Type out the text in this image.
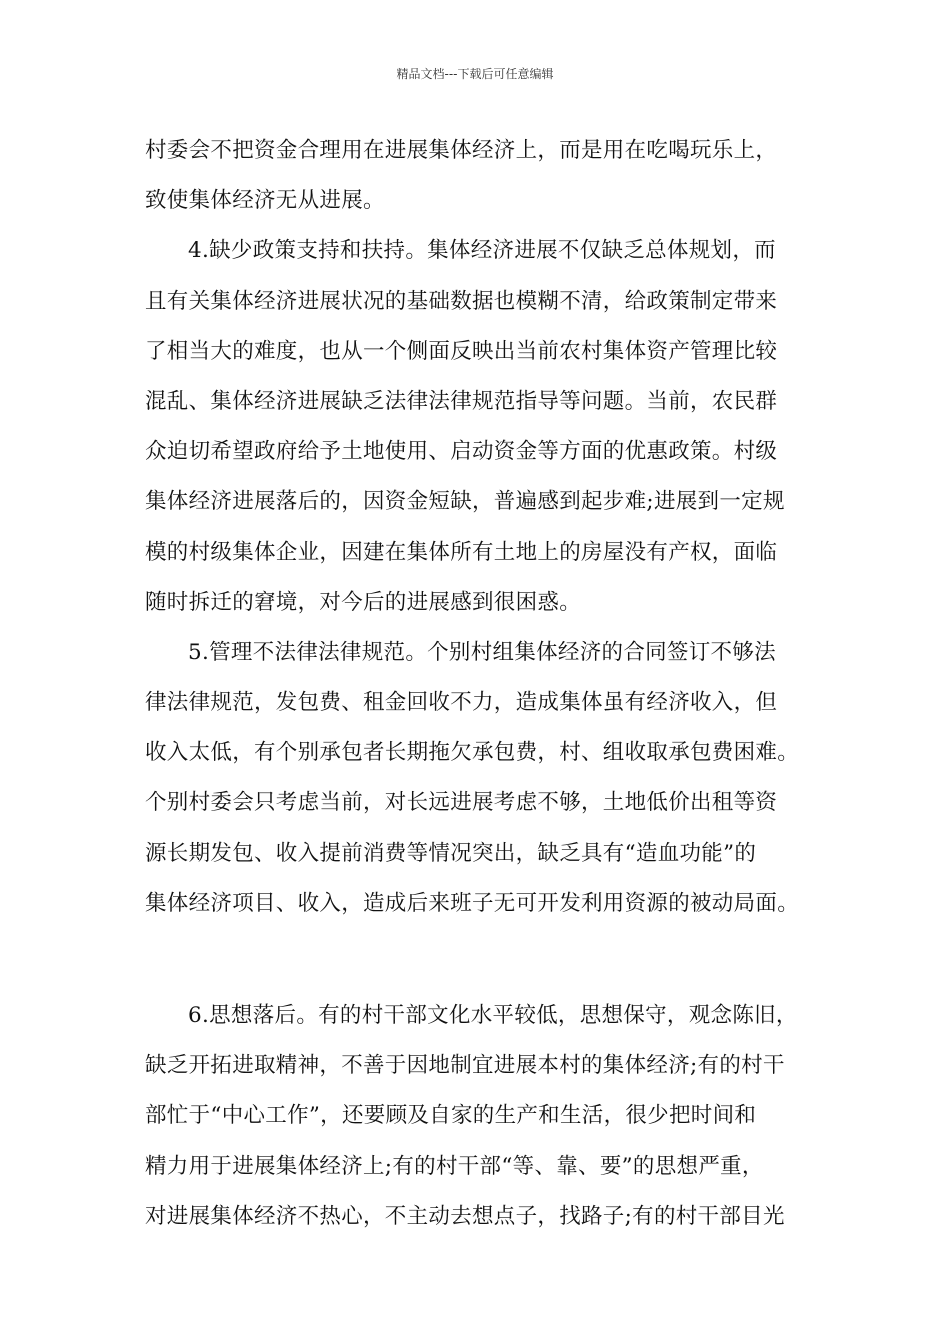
精品文档---下载后可任意编辑
村委会不把资金合理用在进展集体经济上，而是用在吃喝玩乐上，
致使集体经济无从进展。
4.缺少政策支持和扶持。集体经济进展不仅缺乏总体规划，而
且有关集体经济进展状况的基础数据也模糊不清，给政策制定带来
了相当大的难度，也从一个侧面反映出当前农村集体资产管理比较
混乱、集体经济进展缺乏法律法律规范指导等问题。当前，农民群
众迫切希望政府给予土地使用、启动资金等方面的优惠政策。村级
集体经济进展落后的，因资金短缺，普遍感到起步难;进展到一定规
模的村级集体企业，因建在集体所有土地上的房屋没有产权，面临
随时拆迁的窘境，对今后的进展感到很困惑。
5.管理不法律法律规范。个别村组集体经济的合同签订不够法
律法律规范，发包费、租金回收不力，造成集体虽有经济收入，但
收入太低，有个别承包者长期拖欠承包费，村、组收取承包费困难。
个别村委会只考虑当前，对长远进展考虑不够，土地低价出租等资
源长期发包、收入提前消费等情况突出，缺乏具有“造血功能”的
集体经济项目、收入，造成后来班子无可开发利用资源的被动局面。
6.思想落后。有的村干部文化水平较低，思想保守，观念陈旧，
缺乏开拓进取精神，不善于因地制宜进展本村的集体经济;有的村干
部忙于“中心工作”，还要顾及自家的生产和生活，很少把时间和
精力用于进展集体经济上;有的村干部“等、靠、要”的思想严重，
对进展集体经济不热心，不主动去想点子，找路子;有的村干部目光
